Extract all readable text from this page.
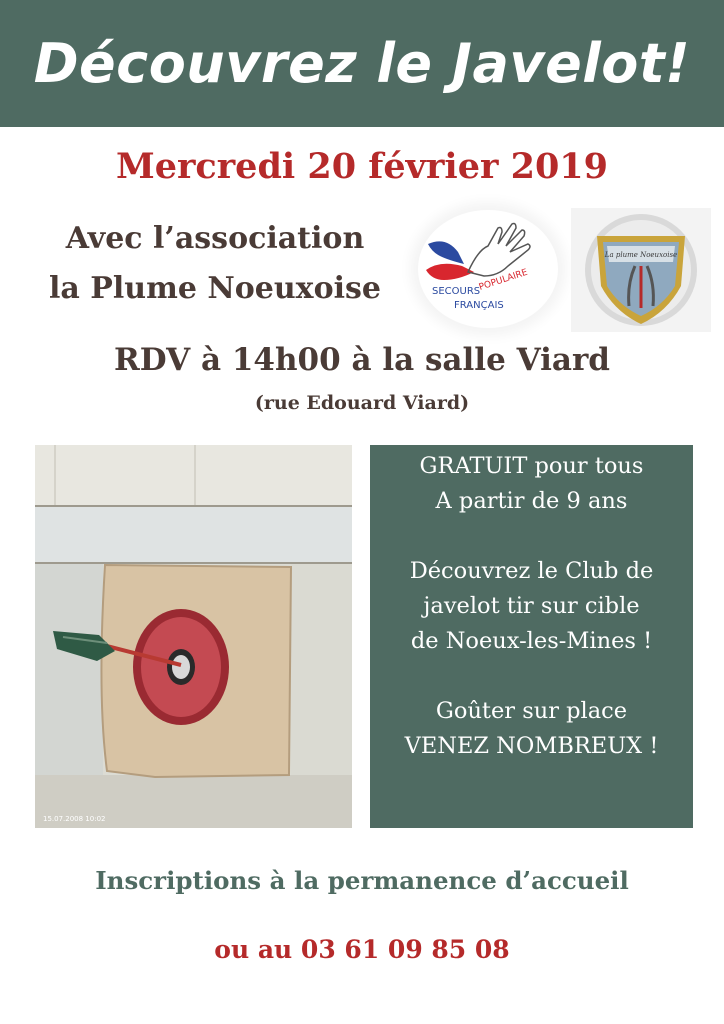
Découvrez le Javelot!
Mercredi 20 février 2019
Avec l’association
la Plume Noeuxoise	SECOURS
POPULAIRE
FRANÇAIS
La plume Noeuxoise
RDV à 14h00 à la salle Viard
(rue Edouard Viard)
15.07.2008 10:02

GRATUIT pour tous

A partir de 9 ans

Découvrez le Club de

javelot tir sur cible

de Noeux-les-Mines !

Goûter sur place

VENEZ NOMBREUX !

Inscriptions à la permanence d’accueil
ou au 03 61 09 85 08
